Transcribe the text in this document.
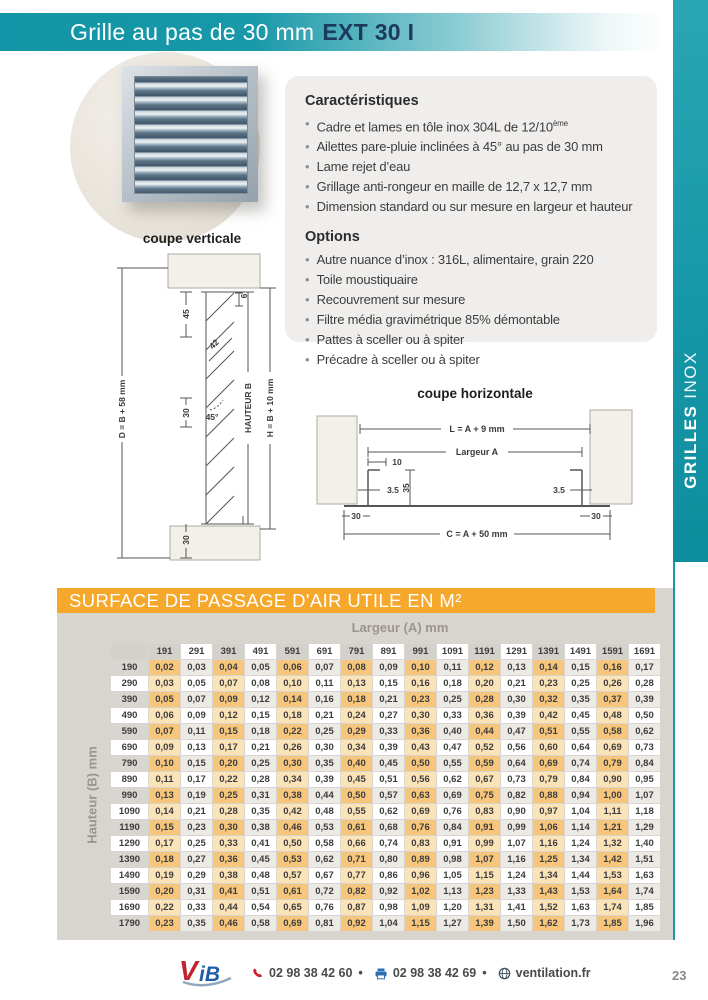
Grille au pas de 30 mm EXT 30 I
GRILLESINOX
Caractéristiques
• Cadre et lames en tôle inox 304L de 12/10ème
• Ailettes pare-pluie inclinées à 45° au pas de 30 mm
• Lame rejet d’eau
• Grillage anti-rongeur en maille de 12,7 x 12,7 mm
• Dimension standard ou sur mesure en largeur et hauteur
Options
• Autre nuance d’inox : 316L, alimentaire, grain 220
• Toile moustiquaire
• Recouvrement sur mesure
• Filtre média gravimétrique 85% démontable
• Pattes à sceller ou à spiter
• Précadre à sceller ou à spiter
coupe verticale
D = B + 58 mm
45
30
30
6
42
45°	HAUTEUR B H = B + 10 mm	coupe horizontale
L = A + 9 mm
Largeur A
10
3.5	3.5
35
30	30
C = A + 50 mm
SURFACE DE PASSAGE D'AIR UTILE EN M²
Largeur (A) mm
Hauteur (B) mm
	191	291	391	491	591	691	791	891	991	1091	1191	1291	1391	1491	1591	1691
190	0,02	0,03	0,04	0,05	0,06	0,07	0,08	0,09	0,10	0,11	0,12	0,13	0,14	0,15	0,16	0,17
290	0,03	0,05	0,07	0,08	0,10	0,11	0,13	0,15	0,16	0,18	0,20	0,21	0,23	0,25	0,26	0,28
390	0,05	0,07	0,09	0,12	0,14	0,16	0,18	0,21	0,23	0,25	0,28	0,30	0,32	0,35	0,37	0,39
490	0,06	0,09	0,12	0,15	0,18	0,21	0,24	0,27	0,30	0,33	0,36	0,39	0,42	0,45	0,48	0,50
590	0,07	0,11	0,15	0,18	0,22	0,25	0,29	0,33	0,36	0,40	0,44	0,47	0,51	0,55	0,58	0,62
690	0,09	0,13	0,17	0,21	0,26	0,30	0,34	0,39	0,43	0,47	0,52	0,56	0,60	0,64	0,69	0,73
790	0,10	0,15	0,20	0,25	0,30	0,35	0,40	0,45	0,50	0,55	0,59	0,64	0,69	0,74	0,79	0,84
890	0,11	0,17	0,22	0,28	0,34	0,39	0,45	0,51	0,56	0,62	0,67	0,73	0,79	0,84	0,90	0,95
990	0,13	0,19	0,25	0,31	0,38	0,44	0,50	0,57	0,63	0,69	0,75	0,82	0,88	0,94	1,00	1,07
1090	0,14	0,21	0,28	0,35	0,42	0,48	0,55	0,62	0,69	0,76	0,83	0,90	0,97	1,04	1,11	1,18
1190	0,15	0,23	0,30	0,38	0,46	0,53	0,61	0,68	0,76	0,84	0,91	0,99	1,06	1,14	1,21	1,29
1290	0,17	0,25	0,33	0,41	0,50	0,58	0,66	0,74	0,83	0,91	0,99	1,07	1,16	1,24	1,32	1,40
1390	0,18	0,27	0,36	0,45	0,53	0,62	0,71	0,80	0,89	0,98	1,07	1,16	1,25	1,34	1,42	1,51
1490	0,19	0,29	0,38	0,48	0,57	0,67	0,77	0,86	0,96	1,05	1,15	1,24	1,34	1,44	1,53	1,63
1590	0,20	0,31	0,41	0,51	0,61	0,72	0,82	0,92	1,02	1,13	1,23	1,33	1,43	1,53	1,64	1,74
1690	0,22	0,33	0,44	0,54	0,65	0,76	0,87	0,98	1,09	1,20	1,31	1,41	1,52	1,63	1,74	1,85
1790	0,23	0,35	0,46	0,58	0,69	0,81	0,92	1,04	1,15	1,27	1,39	1,50	1,62	1,73	1,85	1,96
V iB	02 98 38 42 60 • 02 98 38 42 69 • ventilation.fr	23
